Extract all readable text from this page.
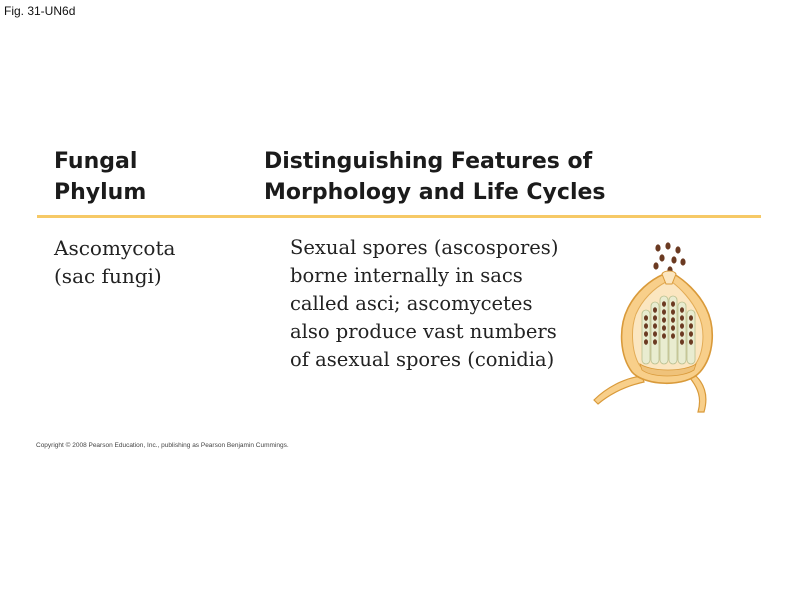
Fig. 31-UN6d
Fungal
Phylum
Distinguishing Features of
Morphology and Life Cycles
Ascomycota
(sac fungi)
Sexual spores (ascospores)
borne internally in sacs
called asci; ascomycetes
also produce vast numbers
of asexual spores (conidia)
Copyright © 2008 Pearson Education, Inc., publishing as Pearson Benjamin Cummings.
